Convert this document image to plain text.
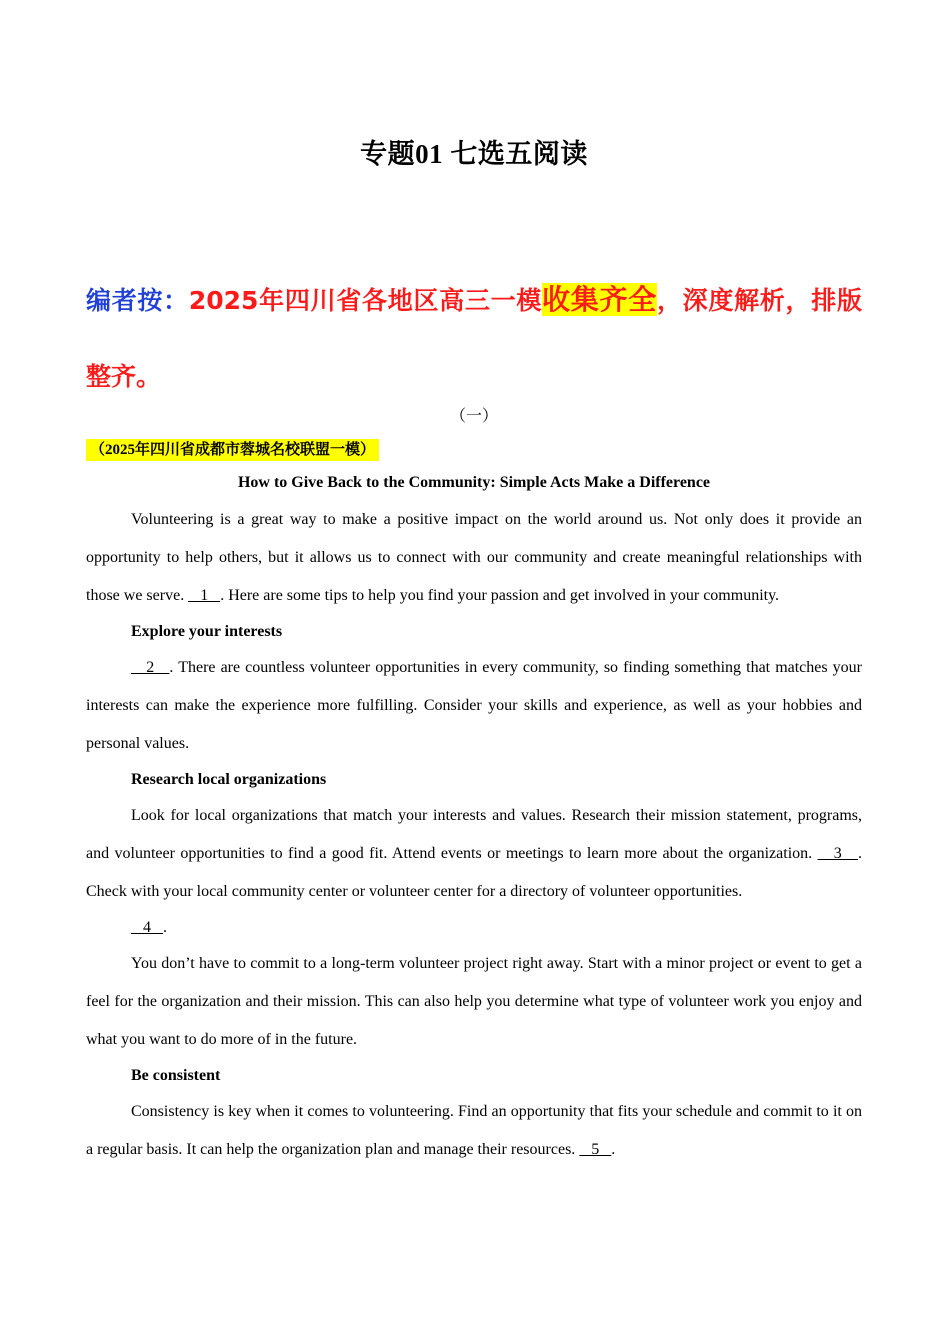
专题01 七选五阅读
编者按：2025年四川省各地区高三一模收集齐全，深度解析，排版整齐。
（一）
（2025年四川省成都市蓉城名校联盟一模）
How to Give Back to the Community: Simple Acts Make a Difference

Volunteering is a great way to make a positive impact on the world around us. Not only does it provide an opportunity to help others, but it allows us to connect with our community and create meaningful relationships with those we serve.    1   . Here are some tips to help you find your passion and get involved in your community.

Explore your interests

2   . There are countless volunteer opportunities in every community, so finding something that matches your interests can make the experience more fulfilling. Consider your skills and experience, as well as your hobbies and personal values.

Research local organizations

Look for local organizations that match your interests and values. Research their mission statement, programs, and volunteer opportunities to find a good fit. Attend events or meetings to learn more about the organization.    3   . Check with your local community center or volunteer center for a directory of volunteer opportunities.

4   .

You don’t have to commit to a long-term volunteer project right away. Start with a minor project or event to get a feel for the organization and their mission. This can also help you determine what type of volunteer work you enjoy and what you want to do more of in the future.

Be consistent

Consistency is key when it comes to volunteering. Find an opportunity that fits your schedule and commit to it on a regular basis. It can help the organization plan and manage their resources.    5   .
